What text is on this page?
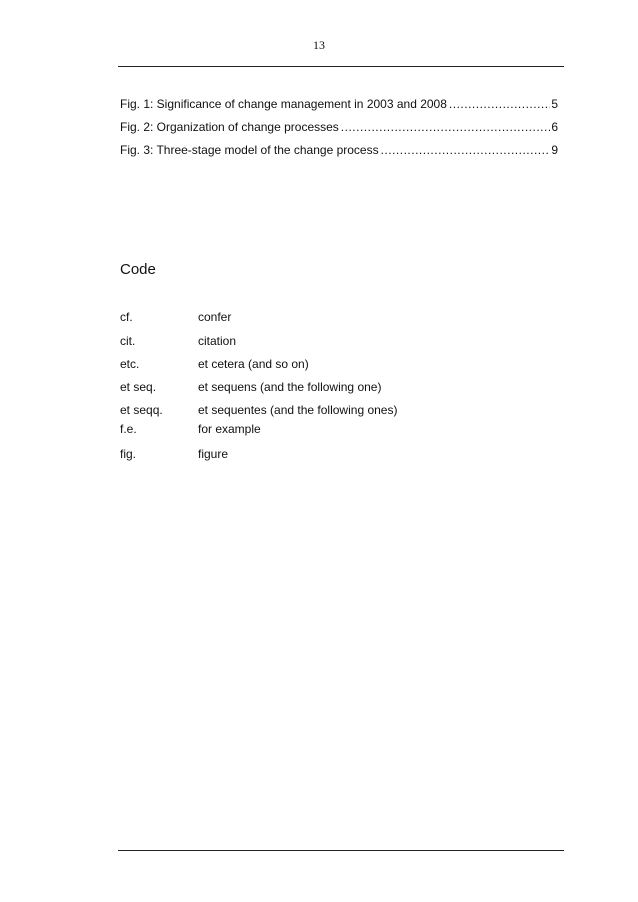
13
Fig. 1: Significance of change management in 2003 and 2008 .....	5
Fig. 2: Organization of change processes .....	6
Fig. 3: Three-stage model of the change process .....	9
Code
cf.	confer
cit.	citation
etc.	et cetera (and so on)
et seq.	et sequens (and the following one)
et seqq.	et sequentes (and the following ones)
f.e.	for example
fig.	figure
